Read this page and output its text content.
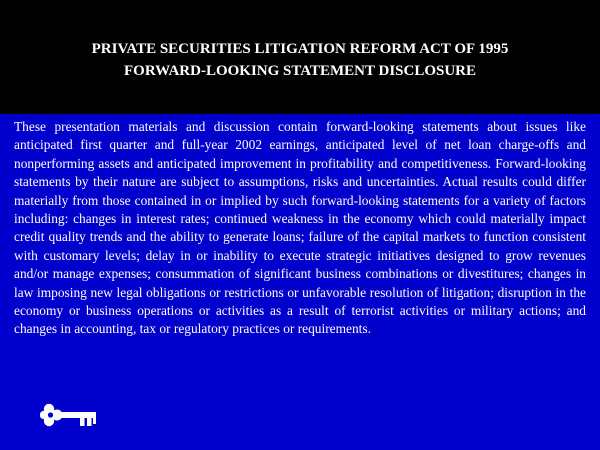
PRIVATE SECURITIES LITIGATION REFORM ACT OF 1995
FORWARD-LOOKING STATEMENT DISCLOSURE
These presentation materials and discussion contain forward-looking statements about issues like anticipated first quarter and full-year 2002 earnings, anticipated level of net loan charge-offs and nonperforming assets and anticipated improvement in profitability and competitiveness. Forward-looking statements by their nature are subject to assumptions, risks and uncertainties. Actual results could differ materially from those contained in or implied by such forward-looking statements for a variety of factors including: changes in interest rates; continued weakness in the economy which could materially impact credit quality trends and the ability to generate loans; failure of the capital markets to function consistent with customary levels; delay in or inability to execute strategic initiatives designed to grow revenues and/or manage expenses; consummation of significant business combinations or divestitures; changes in law imposing new legal obligations or restrictions or unfavorable resolution of litigation; disruption in the economy or business operations or activities as a result of terrorist activities or military actions; and changes in accounting, tax or regulatory practices or requirements.
